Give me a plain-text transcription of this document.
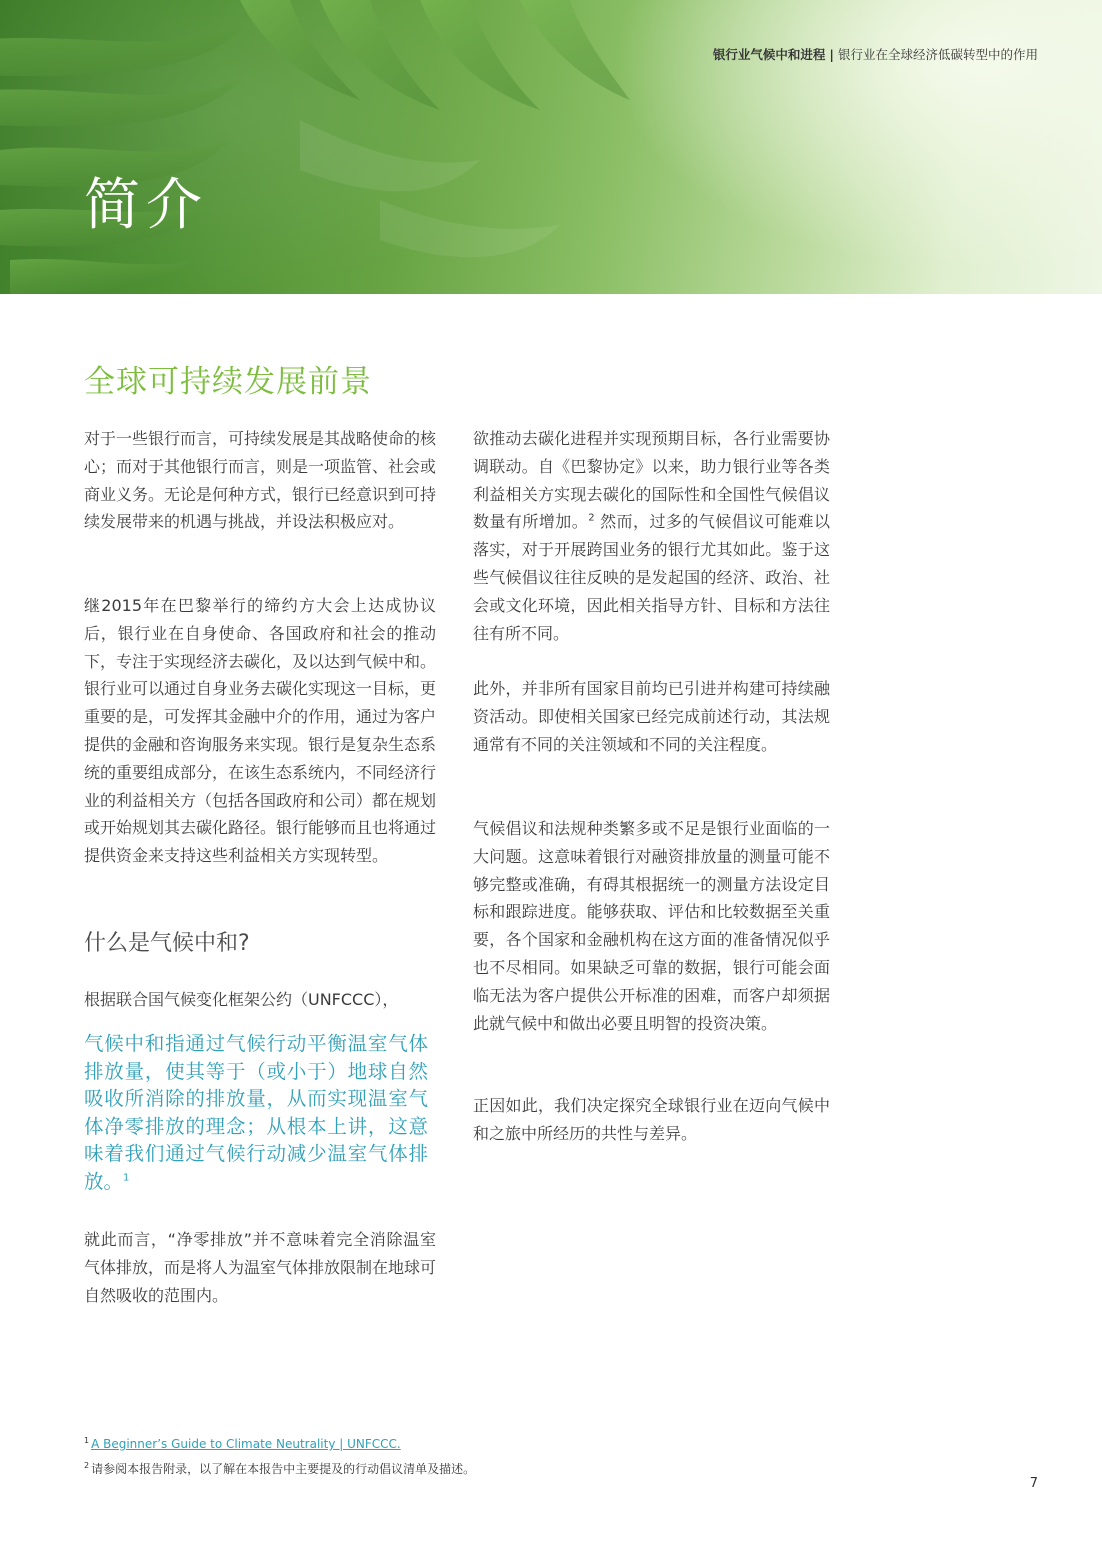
银行业气候中和进程 | 银行业在全球经济低碳转型中的作用
简介
全球可持续发展前景

对于一些银行而言，可持续发展是其战略使命的核心；而对于其他银行而言，则是一项监管、社会或商业义务。无论是何种方式，银行已经意识到可持续发展带来的机遇与挑战，并设法积极应对。

继2015年在巴黎举行的缔约方大会上达成协议后，银行业在自身使命、各国政府和社会的推动下，专注于实现经济去碳化，及以达到气候中和。银行业可以通过自身业务去碳化实现这一目标，更重要的是，可发挥其金融中介的作用，通过为客户提供的金融和咨询服务来实现。银行是复杂生态系统的重要组成部分，在该生态系统内，不同经济行业的利益相关方（包括各国政府和公司）都在规划或开始规划其去碳化路径。银行能够而且也将通过提供资金来支持这些利益相关方实现转型。

什么是气候中和?

根据联合国气候变化框架公约（UNFCCC），

气候中和指通过气候行动平衡温室气体排放量，使其等于（或小于）地球自然吸收所消除的排放量，从而实现温室气体净零排放的理念；从根本上讲，这意味着我们通过气候行动减少温室气体排放。$^1$

就此而言，“净零排放”并不意味着完全消除温室气体排放，而是将人为温室气体排放限制在地球可自然吸收的范围内。

欲推动去碳化进程并实现预期目标，各行业需要协调联动。自《巴黎协定》以来，助力银行业等各类利益相关方实现去碳化的国际性和全国性气候倡议数量有所增加。$^2$ 然而，过多的气候倡议可能难以落实，对于开展跨国业务的银行尤其如此。鉴于这些气候倡议往往反映的是发起国的经济、政治、社会或文化环境，因此相关指导方针、目标和方法往往有所不同。

此外，并非所有国家目前均已引进并构建可持续融资活动。即使相关国家已经完成前述行动，其法规通常有不同的关注领域和不同的关注程度。

气候倡议和法规种类繁多或不足是银行业面临的一大问题。这意味着银行对融资排放量的测量可能不够完整或准确，有碍其根据统一的测量方法设定目标和跟踪进度。能够获取、评估和比较数据至关重要，各个国家和金融机构在这方面的准备情况似乎也不尽相同。如果缺乏可靠的数据，银行可能会面临无法为客户提供公开标准的困难，而客户却须据此就气候中和做出必要且明智的投资决策。

正因如此，我们决定探究全球银行业在迈向气候中和之旅中所经历的共性与差异。

$^1$ A Beginner’s Guide to Climate Neutrality | UNFCCC.
$^2$ 请参阅本报告附录，以了解在本报告中主要提及的行动倡议清单及描述。
7
